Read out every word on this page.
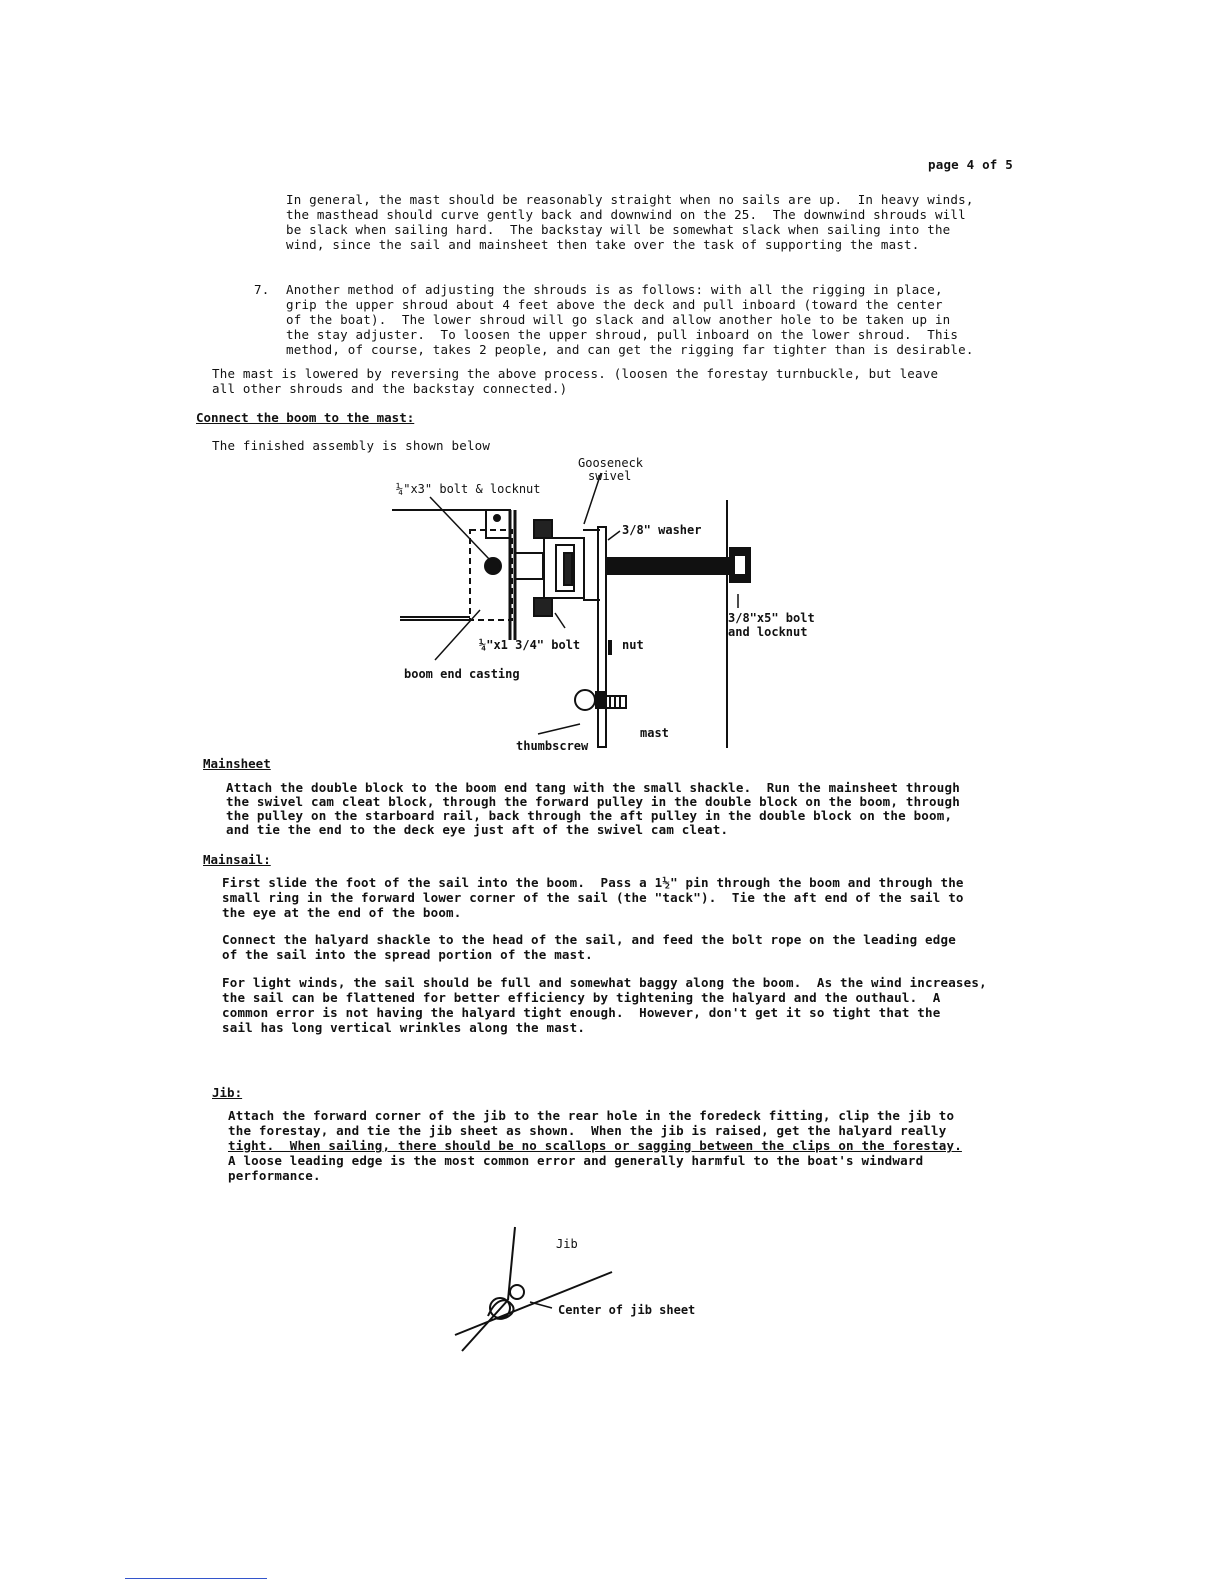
page 4 of 5
In general, the mast should be reasonably straight when no sails are up.  In heavy winds,
the masthead should curve gently back and downwind on the 25.  The downwind shrouds will
be slack when sailing hard.  The backstay will be somewhat slack when sailing into the
wind, since the sail and mainsheet then take over the task of supporting the mast.
7. Another method of adjusting the shrouds is as follows: with all the rigging in place,
grip the upper shroud about 4 feet above the deck and pull inboard (toward the center
of the boat).  The lower shroud will go slack and allow another hole to be taken up in
the stay adjuster.  To loosen the upper shroud, pull inboard on the lower shroud.  This
method, of course, takes 2 people, and can get the rigging far tighter than is desirable.
The mast is lowered by reversing the above process. (loosen the forestay turnbuckle, but leave
all other shrouds and the backstay connected.)
Connect the boom to the mast:
The finished assembly is shown below
Gooseneck
swivel
¼"x3" bolt & locknut
3/8" washer
3/8"x5" bolt
and locknut
¼"x1 3/4" bolt	nut
boom end casting
mast
thumbscrew
Mainsheet
Attach the double block to the boom end tang with the small shackle.  Run the mainsheet through
the swivel cam cleat block, through the forward pulley in the double block on the boom, through
the pulley on the starboard rail, back through the aft pulley in the double block on the boom,
and tie the end to the deck eye just aft of the swivel cam cleat.
Mainsail:
First slide the foot of the sail into the boom.  Pass a 1½" pin through the boom and through the
small ring in the forward lower corner of the sail (the "tack").  Tie the aft end of the sail to
the eye at the end of the boom.
Connect the halyard shackle to the head of the sail, and feed the bolt rope on the leading edge
of the sail into the spread portion of the mast.
For light winds, the sail should be full and somewhat baggy along the boom.  As the wind increases,
the sail can be flattened for better efficiency by tightening the halyard and the outhaul.  A
common error is not having the halyard tight enough.  However, don't get it so tight that the
sail has long vertical wrinkles along the mast.
Jib:
Attach the forward corner of the jib to the rear hole in the foredeck fitting, clip the jib to
the forestay, and tie the jib sheet as shown.  When the jib is raised, get the halyard really
tight.  When sailing, there should be no scallops or sagging between the clips on the forestay.
A loose leading edge is the most common error and generally harmful to the boat's windward
performance.
Jib
Center of jib sheet
